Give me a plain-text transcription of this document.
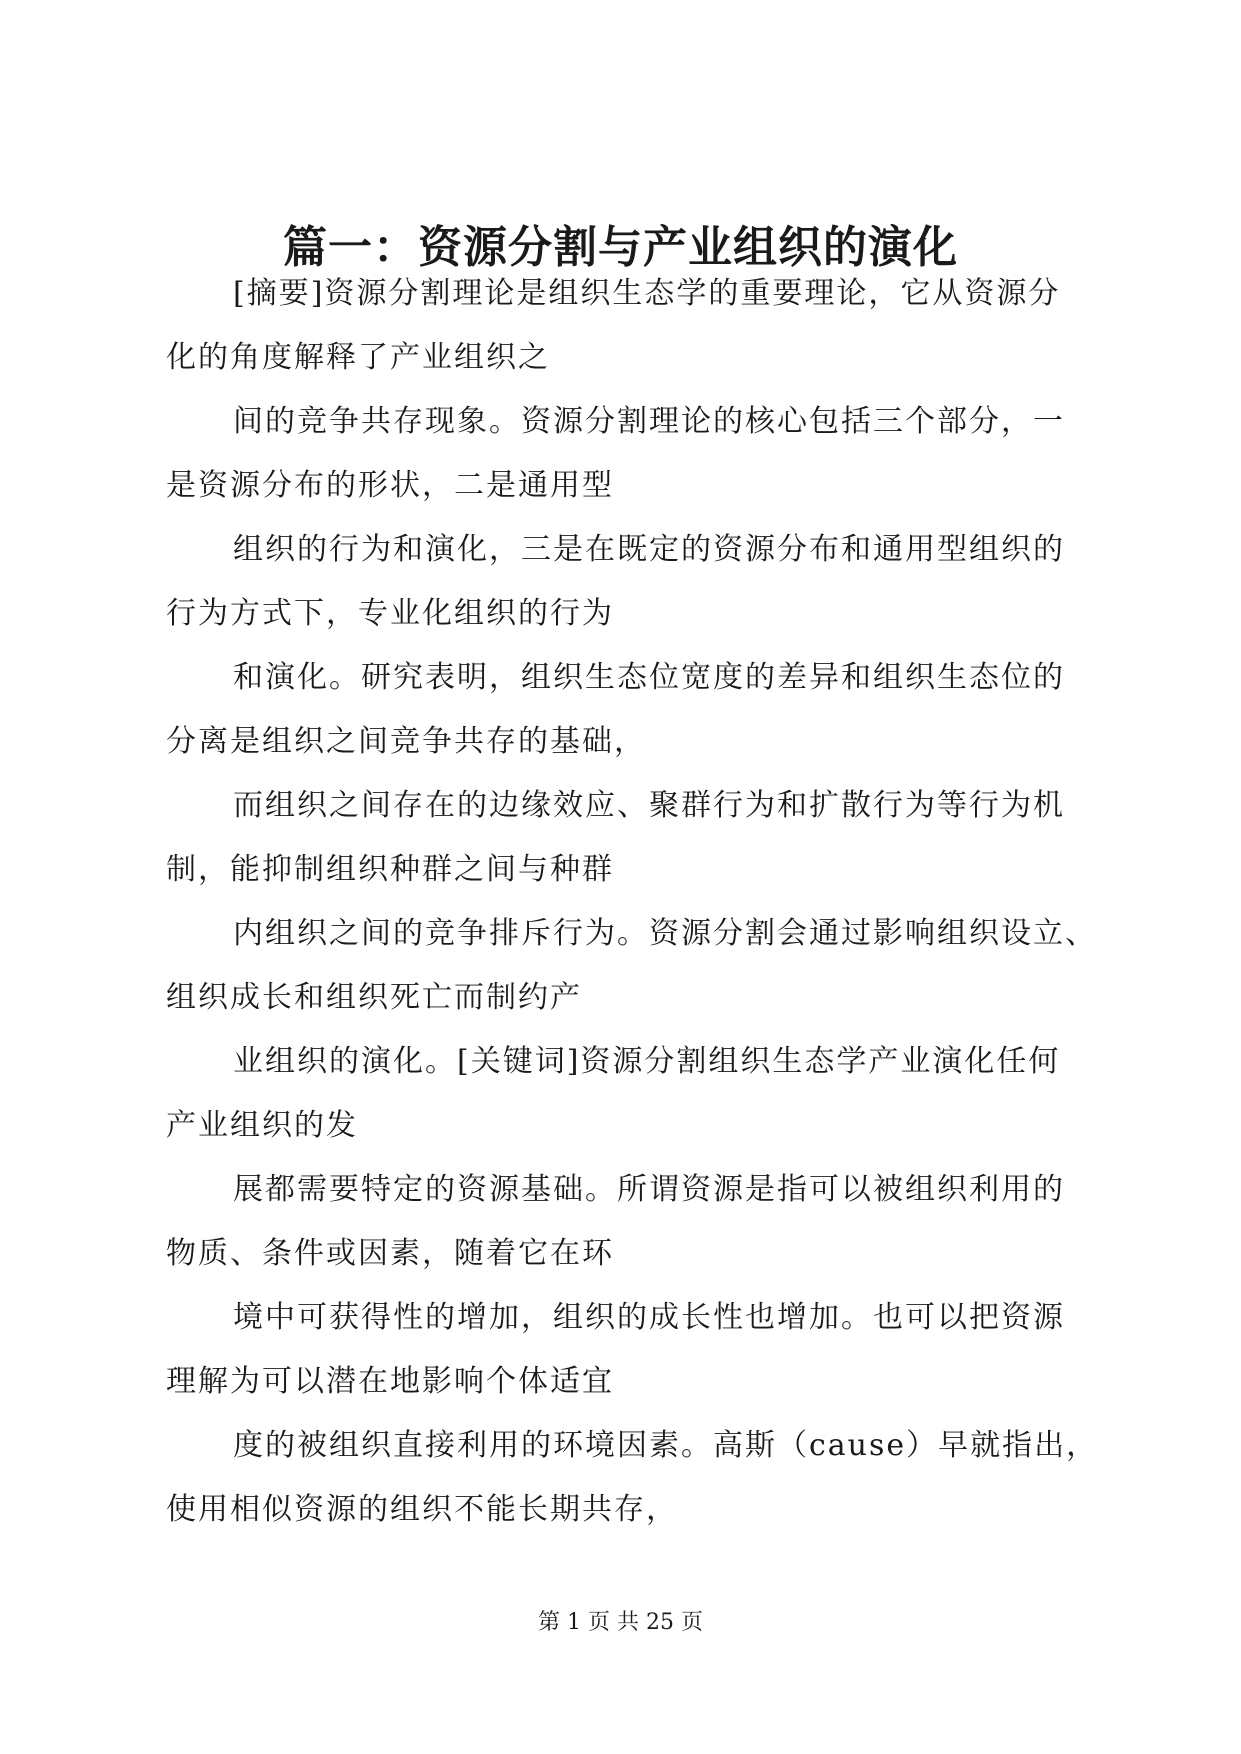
篇一：资源分割与产业组织的演化

[摘要]资源分割理论是组织生态学的重要理论，它从资源分
化的角度解释了产业组织之

间的竞争共存现象。资源分割理论的核心包括三个部分，一
是资源分布的形状，二是通用型

组织的行为和演化，三是在既定的资源分布和通用型组织的
行为方式下，专业化组织的行为

和演化。研究表明，组织生态位宽度的差异和组织生态位的
分离是组织之间竞争共存的基础，

而组织之间存在的边缘效应、聚群行为和扩散行为等行为机
制，能抑制组织种群之间与种群

内组织之间的竞争排斥行为。资源分割会通过影响组织设立、
组织成长和组织死亡而制约产

业组织的演化。[关键词]资源分割组织生态学产业演化任何
产业组织的发

展都需要特定的资源基础。所谓资源是指可以被组织利用的
物质、条件或因素，随着它在环

境中可获得性的增加，组织的成长性也增加。也可以把资源
理解为可以潜在地影响个体适宜

度的被组织直接利用的环境因素。高斯（cause）早就指出，
使用相似资源的组织不能长期共存，

第 1 页 共 25 页
